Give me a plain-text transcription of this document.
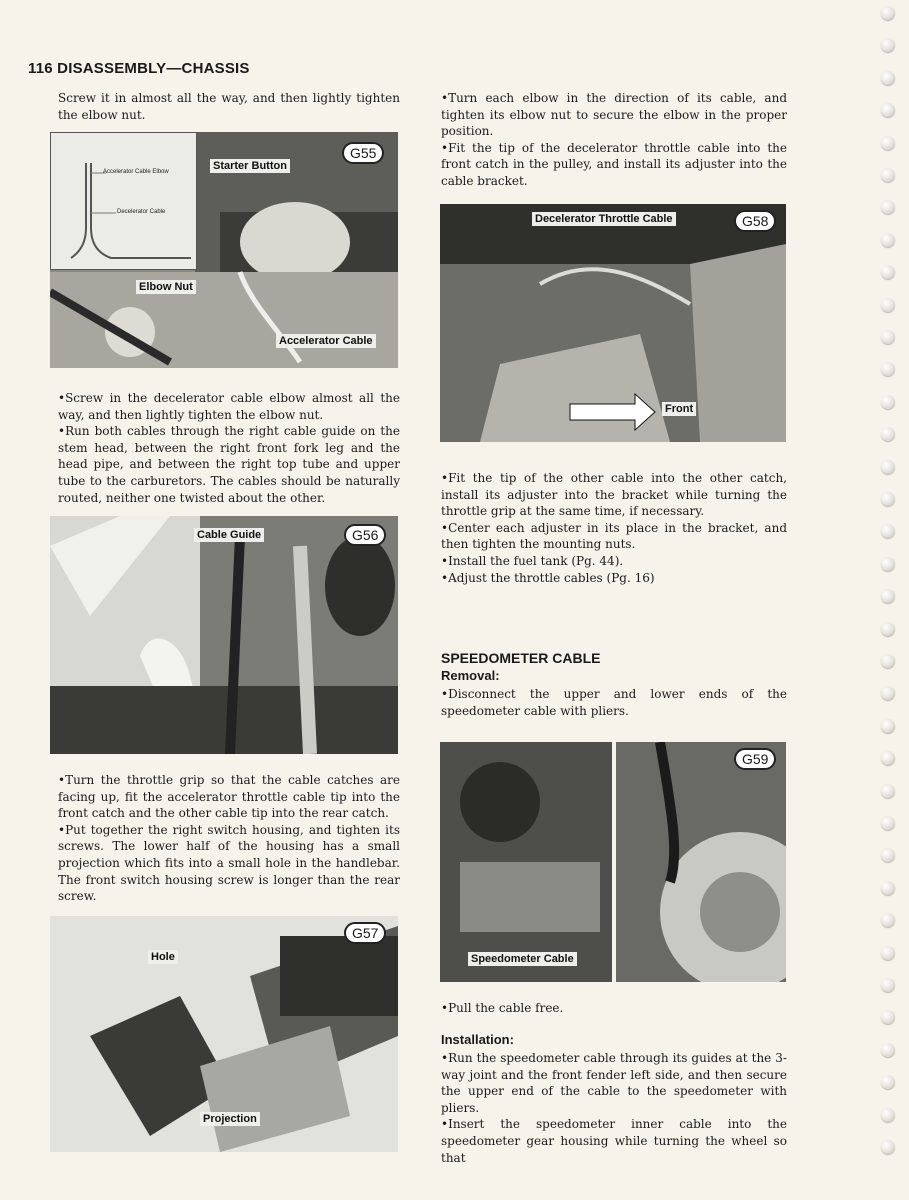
116 DISASSEMBLY—CHASSIS

Screw it in almost all the way, and then lightly tighten the elbow nut.

Accelerator Cable Elbow
Decelerator Cable
G55
Starter Button
Elbow Nut
Accelerator Cable

•Screw in the decelerator cable elbow almost all the way, and then lightly tighten the elbow nut.

•Run both cables through the right cable guide on the stem head, between the right front fork leg and the head pipe, and between the right top tube and upper tube to the carburetors. The cables should be naturally routed, neither one twisted about the other.

G56
Cable Guide

•Turn the throttle grip so that the cable catches are facing up, fit the accelerator throttle cable tip into the front catch and the other cable tip into the rear catch.

•Put together the right switch housing, and tighten its screws. The lower half of the housing has a small projection which fits into a small hole in the handlebar. The front switch housing screw is longer than the rear screw.

G57
Hole
Projection

•Turn each elbow in the direction of its cable, and tighten its elbow nut to secure the elbow in the proper position.

•Fit the tip of the decelerator throttle cable into the front catch in the pulley, and install its adjuster into the cable bracket.

G58
Decelerator Throttle Cable
Front

•Fit the tip of the other cable into the other catch, install its adjuster into the bracket while turning the throttle grip at the same time, if necessary.

•Center each adjuster in its place in the bracket, and then tighten the mounting nuts.

•Install the fuel tank (Pg. 44).

•Adjust the throttle cables (Pg. 16)

SPEEDOMETER CABLE
Removal:

•Disconnect the upper and lower ends of the speedometer cable with pliers.

G59
Speedometer Cable

•Pull the cable free.

Installation:

•Run the speedometer cable through its guides at the 3-way joint and the front fender left side, and then secure the upper end of the cable to the speedometer with pliers.

•Insert the speedometer inner cable into the speedometer gear housing while turning the wheel so that
